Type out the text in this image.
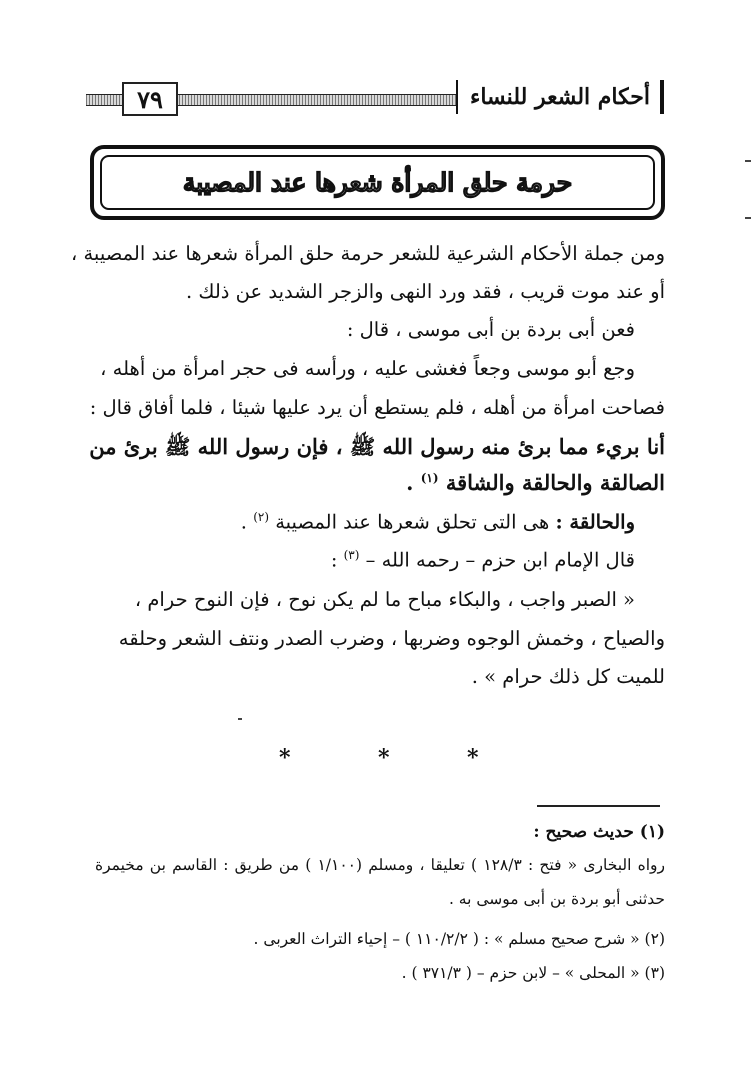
٧٩	أحكام الشعر للنساء
حرمة حلق المرأة شعرها عند المصيبة
ومن جملة الأحكام الشرعية للشعر حرمة حلق المرأة شعرها عند المصيبة ،
أو عند موت قريب ، فقد ورد النهى والزجر الشديد عن ذلك .
فعن أبى بردة بن أبى موسى ، قال :
وجع أبو موسى وجعاً فغشى عليه ، ورأسه فى حجر امرأة من أهله ،
فصاحت امرأة من أهله ، فلم يستطع أن يرد عليها شيئا ، فلما أفاق قال :
أنا بريء مما برئ منه رسول الله ﷺ ، فإن رسول الله ﷺ برئ من
الصالقة والحالقة والشاقة $^{(١)}$ .
والحالقة : هى التى تحلق شعرها عند المصيبة $^{(٢)}$ .
قال الإمام ابن حزم – رحمه الله – $^{(٣)}$ :
« الصبر واجب ، والبكاء مباح ما لم يكن نوح ، فإن النوح حرام ،
والصياح ، وخمش الوجوه وضربها ، وضرب الصدر ونتف الشعر وحلقه
للميت كل ذلك حرام » .
*	*	*
(١) حديث صحيح :
رواه البخارى « فتح : ١٢٨/٣ ) تعليقا ، ومسلم (١/١٠٠ ) من طريق : القاسم بن مخيمرة
حدثنى أبو بردة بن أبى موسى به .
(٢) « شرح صحيح مسلم » : ( ١١٠/٢/٢ ) – إحياء التراث العربى .
(٣) « المحلى » – لابن حزم – ( ٣٧١/٣ ) .
